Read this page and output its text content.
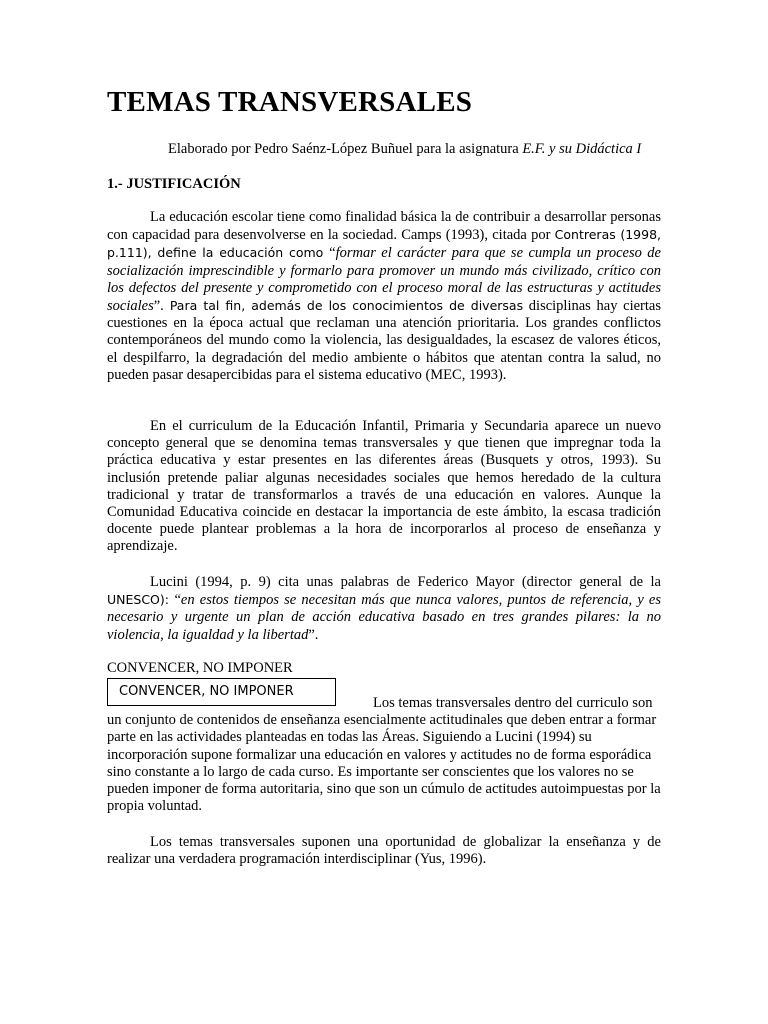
TEMAS TRANSVERSALES

Elaborado por Pedro Saénz-López Buñuel para la asignatura E.F. y su Didáctica I

1.- JUSTIFICACIÓN

La educación escolar tiene como finalidad básica la de contribuir a desarrollar personas con capacidad para desenvolverse en la sociedad. Camps (1993), citada por Contreras (1998, p.111), define la educación como “formar el carácter para que se cumpla un proceso de socialización imprescindible y formarlo para promover un mundo más civilizado, crítico con los defectos del presente y comprometido con el proceso moral de las estructuras y actitudes sociales”. Para tal fin, además de los conocimientos de diversas disciplinas hay ciertas cuestiones en la época actual que reclaman una atención prioritaria. Los grandes conflictos contemporáneos del mundo como la violencia, las desigualdades, la escasez de valores éticos, el despilfarro, la degradación del medio ambiente o hábitos que atentan contra la salud, no pueden pasar desapercibidas para el sistema educativo (MEC, 1993).

En el curriculum de la Educación Infantil, Primaria y Secundaria aparece un nuevo concepto general que se denomina temas transversales y que tienen que impregnar toda la práctica educativa y estar presentes en las diferentes áreas (Busquets y otros, 1993). Su inclusión pretende paliar algunas necesidades sociales que hemos heredado de la cultura tradicional y tratar de transformarlos a través de una educación en valores. Aunque la Comunidad Educativa coincide en destacar la importancia de este ámbito, la escasa tradición docente puede plantear problemas a la hora de incorporarlos al proceso de enseñanza y aprendizaje.

Lucini (1994, p. 9) cita unas palabras de Federico Mayor (director general de la UNESCO): “en estos tiempos se necesitan más que nunca valores, puntos de referencia, y es necesario y urgente un plan de acción educativa basado en tres grandes pilares: la no violencia, la igualdad y la libertad”.

CONVENCER, NO IMPONER

CONVENCER, NO IMPONER

Los temas transversales dentro del curriculo son un conjunto de contenidos de enseñanza esencialmente actitudinales que deben entrar a formar parte en las actividades planteadas en todas las Áreas. Siguiendo a Lucini (1994) su incorporación supone formalizar una educación en valores y actitudes no de forma esporádica sino constante a lo largo de cada curso. Es importante ser conscientes que los valores no se pueden imponer de forma autoritaria, sino que son un cúmulo de actitudes autoimpuestas por la propia voluntad.

Los temas transversales suponen una oportunidad de globalizar la enseñanza y de realizar una verdadera programación interdisciplinar (Yus, 1996).
